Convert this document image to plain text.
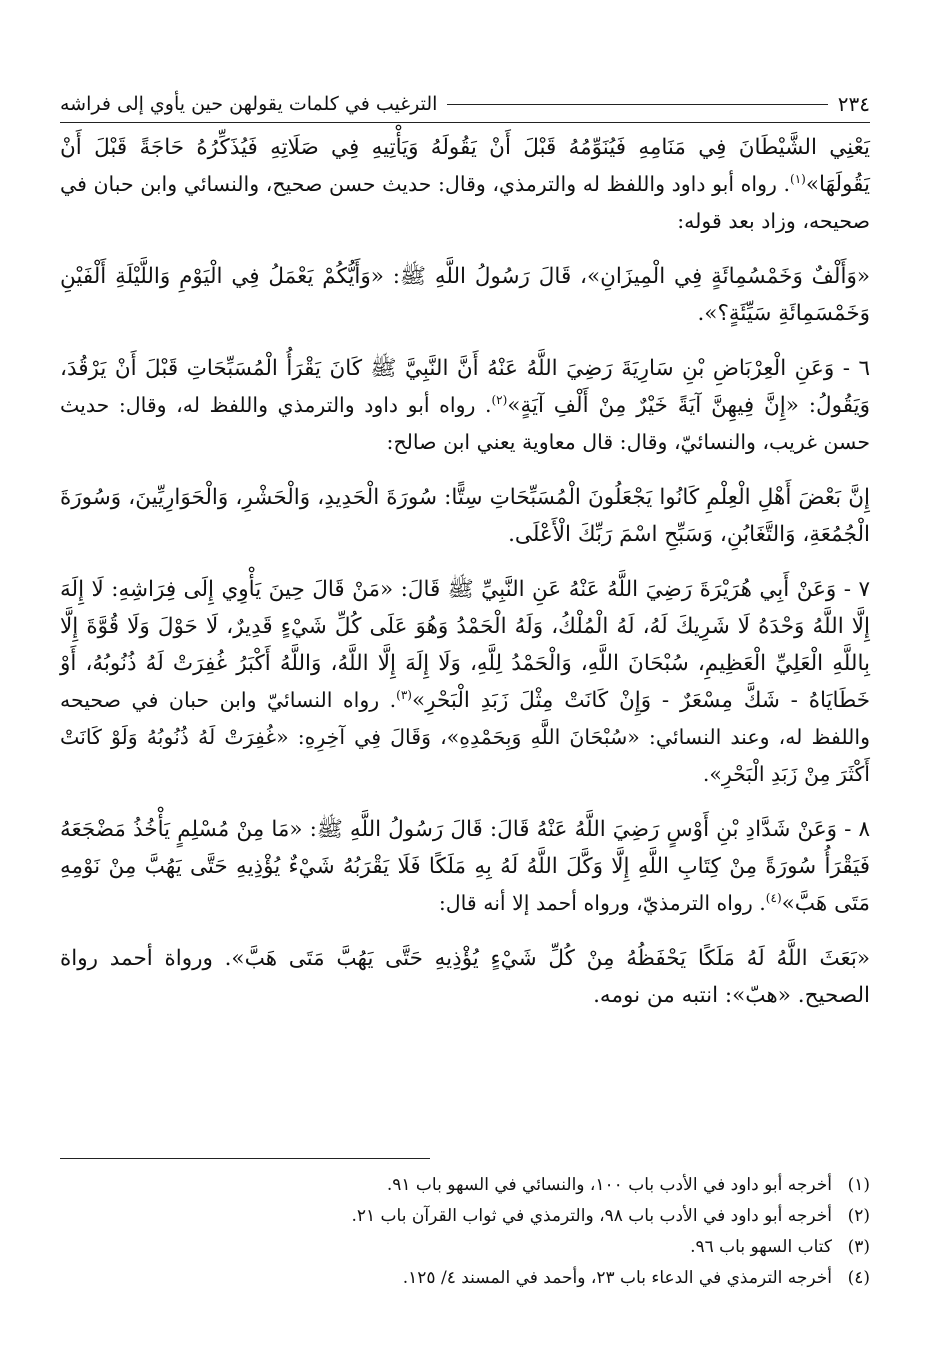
٢٣٤
الترغيب في كلمات يقولهن حين يأوي إلى فراشه

يَعْنِي الشَّيْطَانَ فِي مَنَامِهِ فَيُنَوِّمُهُ قَبْلَ أَنْ يَقُولَهُ وَيَأْتِيهِ فِي صَلَاتِهِ فَيُذَكِّرُهُ حَاجَةً قَبْلَ أَنْ يَقُولَهَا»$^{(١)}$. رواه أبو داود واللفظ له والترمذي، وقال: حديث حسن صحيح، والنسائي وابن حبان في صحيحه، وزاد بعد قوله:

«وَأَلْفٌ وَخَمْسُمِائَةٍ فِي الْمِيزَانِ»، قَالَ رَسُولُ اللَّهِ ﷺ: «وَأَيُّكُمْ يَعْمَلُ فِي الْيَوْمِ وَاللَّيْلَةِ أَلْفَيْنِ وَخَمْسَمِائَةِ سَيِّئَةٍ؟».

٦ - وَعَنِ الْعِرْبَاضِ بْنِ سَارِيَةَ رَضِيَ اللَّهُ عَنْهُ أَنَّ النَّبِيَّ ﷺ كَانَ يَقْرَأُ الْمُسَبِّحَاتِ قَبْلَ أَنْ يَرْقُدَ، وَيَقُولُ: «إِنَّ فِيهِنَّ آيَةً خَيْرٌ مِنْ أَلْفِ آيَةٍ»$^{(٢)}$. رواه أبو داود والترمذي واللفظ له، وقال: حديث حسن غريب، والنسائيّ، وقال: قال معاوية يعني ابن صالح:

إِنَّ بَعْضَ أَهْلِ الْعِلْمِ كَانُوا يَجْعَلُونَ الْمُسَبِّحَاتِ سِتًّا: سُورَةَ الْحَدِيدِ، وَالْحَشْرِ، وَالْحَوَارِيِّينَ، وَسُورَةَ الْجُمُعَةِ، وَالتَّغَابُنِ، وَسَبِّحِ اسْمَ رَبِّكَ الْأَعْلَى.

٧ - وَعَنْ أَبِي هُرَيْرَةَ رَضِيَ اللَّهُ عَنْهُ عَنِ النَّبِيِّ ﷺ قَالَ: «مَنْ قَالَ حِينَ يَأْوِي إِلَى فِرَاشِهِ: لَا إِلَهَ إِلَّا اللَّهُ وَحْدَهُ لَا شَرِيكَ لَهُ، لَهُ الْمُلْكُ، وَلَهُ الْحَمْدُ وَهُوَ عَلَى كُلِّ شَيْءٍ قَدِيرٌ، لَا حَوْلَ وَلَا قُوَّةَ إِلَّا بِاللَّهِ الْعَلِيِّ الْعَظِيمِ، سُبْحَانَ اللَّهِ، وَالْحَمْدُ لِلَّهِ، وَلَا إِلَهَ إِلَّا اللَّهُ، وَاللَّهُ أَكْبَرُ غُفِرَتْ لَهُ ذُنُوبُهُ، أَوْ خَطَايَاهُ - شَكَّ مِسْعَرٌ - وَإِنْ كَانَتْ مِثْلَ زَبَدِ الْبَحْرِ»$^{(٣)}$. رواه النسائيّ وابن حبان في صحيحه واللفظ له، وعند النسائي: «سُبْحَانَ اللَّهِ وَبِحَمْدِهِ»، وَقَالَ فِي آخِرِهِ: «غُفِرَتْ لَهُ ذُنُوبُهُ وَلَوْ كَانَتْ أَكْثَرَ مِنْ زَبَدِ الْبَحْرِ».

٨ - وَعَنْ شَدَّادِ بْنِ أَوْسٍ رَضِيَ اللَّهُ عَنْهُ قَالَ: قَالَ رَسُولُ اللَّهِ ﷺ: «مَا مِنْ مُسْلِمٍ يَأْخُذُ مَضْجَعَهُ فَيَقْرَأُ سُورَةً مِنْ كِتَابِ اللَّهِ إِلَّا وَكَّلَ اللَّهُ لَهُ بِهِ مَلَكًا فَلَا يَقْرَبُهُ شَيْءٌ يُؤْذِيهِ حَتَّى يَهُبَّ مِنْ نَوْمِهِ مَتَى هَبَّ»$^{(٤)}$. رواه الترمذيّ، ورواه أحمد إلا أنه قال:

«بَعَثَ اللَّهُ لَهُ مَلَكًا يَحْفَظُهُ مِنْ كُلِّ شَيْءٍ يُؤْذِيهِ حَتَّى يَهُبَّ مَتَى هَبَّ». ورواة أحمد رواة الصحيح. «هبّ»: انتبه من نومه.

(١)
أخرجه أبو داود في الأدب باب ١٠٠، والنسائي في السهو باب ٩١.
(٢)
أخرجه أبو داود في الأدب باب ٩٨، والترمذي في ثواب القرآن باب ٢١.
(٣)
كتاب السهو باب ٩٦.
(٤)
أخرجه الترمذي في الدعاء باب ٢٣، وأحمد في المسند ٤/ ١٢٥.
